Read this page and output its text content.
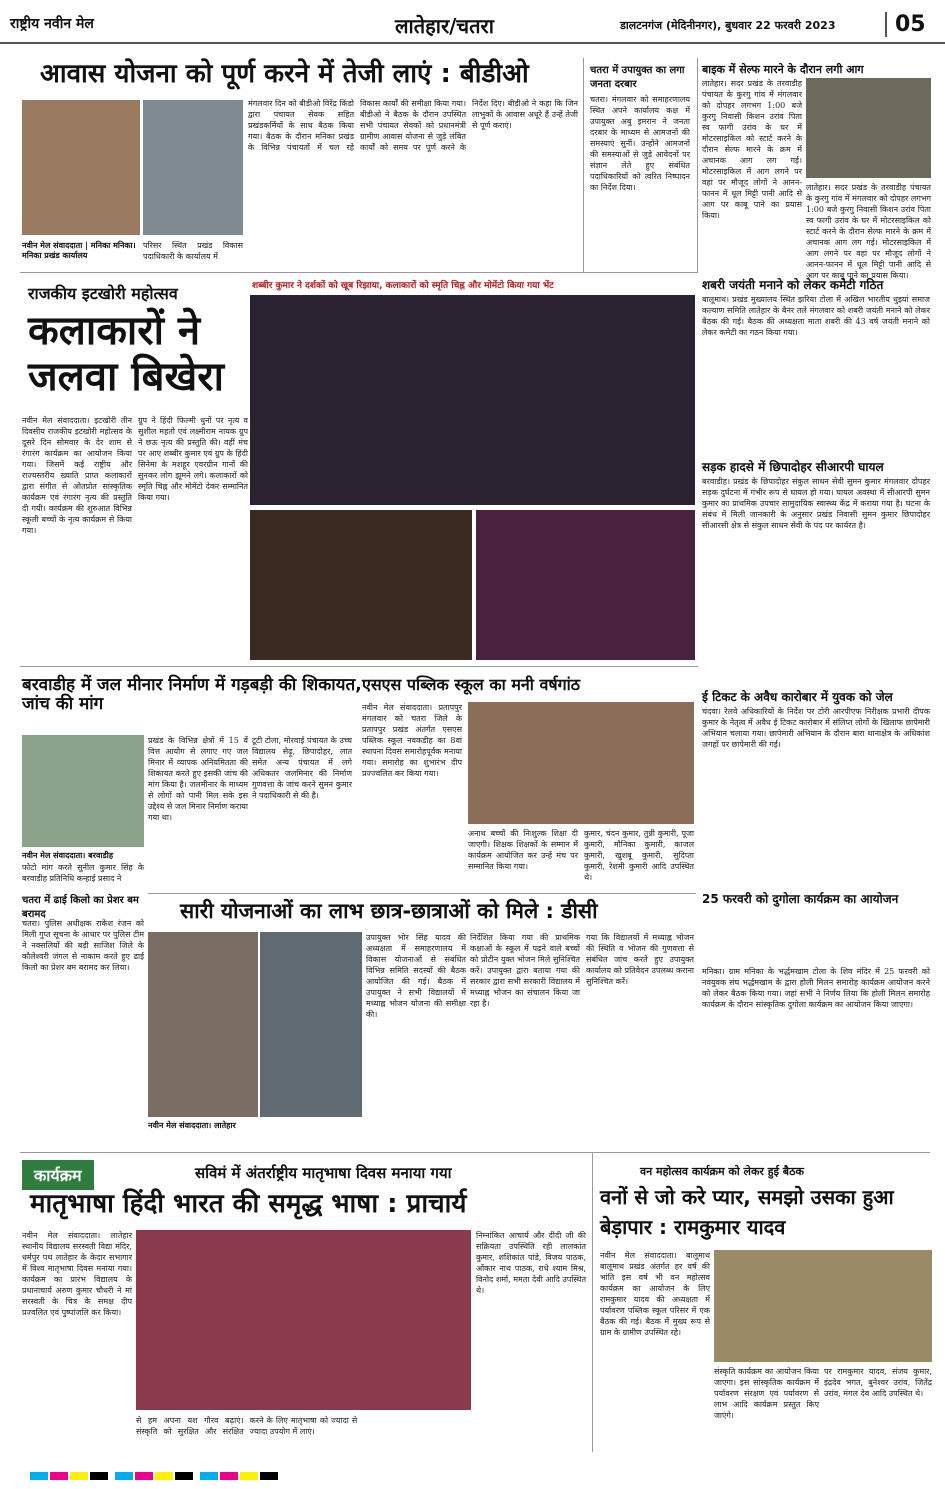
राष्ट्रीय नवीन मेल	लातेहार/चतरा	डालटनगंज (मेदिनीनगर), बुधवार 22 फरवरी 2023	05
आवास योजना को पूर्ण करने में तेजी लाएं : बीडीओ
नवीन मेल संवाददाता | मनिका मनिका। मनिका प्रखंड कार्यालय
परिसर स्थित प्रखंड विकास पदाधिकारी के कार्यालय में
मंगलवार दिन को बीडीओ विरेंद्र किंडो द्वारा पंचायत सेवक सहित प्रखंडकर्मियों के साथ बैठक किया गया। बैठक के दौरान मनिका प्रखंड के विभिन्न पंचायतों में चल रहे विकास कार्यों की समीक्षा किया गया। बीडीओ ने बैठक के दौरान उपस्थित सभी पंचायत सेवकों को प्रधानमंत्री ग्रामीण आवास योजना से जुड़े लंबित कार्यों को समय पर पूर्ण करने के निर्देश दिए। बीडीओ ने कहा कि जिन लाभुकों के आवास अधूरे हैं उन्हें तेजी से पूर्ण कराएं।
चतरा में उपायुक्त का लगा जनता दरबार
चतरा। मंगलवार को समाहरणालय स्थित अपने कार्यालय कक्ष में उपायुक्त अबु इमरान ने जनता दरबार के माध्यम से आमजनों की समस्याएं सुनीं। उन्होंने आमजनों की समस्याओं से जुड़े आवेदनों पर संज्ञान लेते हुए संबंधित पदाधिकारियों को त्वरित निष्पादन का निर्देश दिया।
बाइक में सेल्फ मारने के दौरान लगी आग
लातेहार। सदर प्रखंड के तरवाडीह पंचायत के कुरगु गांव में मंगलवार को दोपहर लगभग 1:00 बजे कुरगु निवासी किशन उरांव पिता स्व फागी उरांव के घर में मोटरसाइकिल को स्टार्ट करने के दौरान सेल्फ मारने के क्रम में अचानक आग लग गई। मोटरसाइकिल में आग लगने पर वहां पर मौजूद लोगों ने आनन-फानन में धूल मिट्टी पानी आदि से आग पर काबू पाने का प्रयास किया।
लातेहार। सदर प्रखंड के तरवाडीह पंचायत के कुरगु गांव में मंगलवार को दोपहर लगभग 1:00 बजे कुरगु निवासी किशन उरांव पिता स्व फागी उरांव के घर में मोटरसाइकिल को स्टार्ट करने के दौरान सेल्फ मारने के क्रम में अचानक आग लग गई। मोटरसाइकिल में आग लगने पर वहां पर मौजूद लोगों ने आनन-फानन में धूल मिट्टी पानी आदि से आग पर काबू पाने का प्रयास किया।
शबरी जयंती मनाने को लेकर कमेटी गठित
बालूमाथ। प्रखंड मुख्यालय स्थित झरिया टोला में अखिल भारतीय धुइयां समाज कल्याण समिति लातेहार के बैनर तले मंगलवार को शबरी जयंती मनाने को लेकर बैठक की गई। बैठक की अध्यक्षता माता शबरी की 43 वर्ष जयंती मनाने को लेकर कमेटी का गठन किया गया।
राजकीय इटखोरी महोत्सव
कलाकारों ने जलवा बिखेरा
शब्बीर कुमार ने दर्शकों को खूब रिझाया, कलाकारों को स्मृति चिह्न और मोमेंटो किया गया भेंट
नवीन मेल संवाददाता। इटखोरी तीन दिवसीय राजकीय इटखोरी महोत्सव के दूसरे दिन सोमवार के देर शाम से रंगारंग कार्यक्रम का आयोजन किया गया। जिसमें कई राष्ट्रीय और राज्यस्तरीय ख्याति प्राप्त कलाकारों द्वारा संगीत से ओतप्रोत सांस्कृतिक कार्यक्रम एवं रंगारंग नृत्य की प्रस्तुति दी गयी। कार्यक्रम की शुरुआत विभिन्न स्कूली बच्चों के नृत्य कार्यक्रम से किया गया।
ग्रुप ने हिंदी फिल्मी धुनों पर नृत्य व सुशील महतो एवं लक्ष्मीराम नायक ग्रुप ने छऊ नृत्य की प्रस्तुति की। वहीं मंच पर आए शब्बीर कुमार एवं ग्रुप के हिंदी सिनेमा के मशहूर एवरग्रीन गानों की सुनकर लोग झूमने लगे। कलाकारों को स्मृति चिह्न और मोमेंटो देकर सम्मानित किया गया।
सड़क हादसे में छिपादोहर सीआरपी घायल
बरवाडीह। प्रखंड के छिपादोहर संकुल साधन सेवी सुमन कुमार मंगलवार दोपहर सड़क दुर्घटना में गंभीर रूप से घायल हो गया। घायल अवस्था में सीआरपी सुमन कुमार का प्राथमिक उपचार सामुदायिक स्वास्थ्य केंद्र में कराया गया है। घटना के संबंध में मिली जानकारी के अनुसार प्रखंड निवासी सुमन कुमार छिपादोहर सीआरसी क्षेत्र से संकुल साधन सेवी के पद पर कार्यरत है।
ई टिकट के अवैध कारोबार में युवक को जेल
चंदवा। रेलवे अधिकारियों के निर्देश पर टोरी आरपीएफ निरीक्षक प्रभारी दीपक कुमार के नेतृत्व में अवैध ई टिकट कारोबार में संलिप्त लोगों के खिलाफ छापेमारी अभियान चलाया गया। छापेमारी अभियान के दौरान बारा थानाक्षेत्र के अधिकांश जगहों पर छापेमारी की गई।
बरवाडीह में जल मीनार निर्माण में गड़बड़ी की शिकायत, जांच की मांग
नवीन मेल संवाददाता। बरवाडीह
फोटो मांग करते सुनील कुमार सिंह के बरवाडीह प्रतिनिधि कन्हाई प्रसाद ने
प्रखंड के विभिन्न क्षेत्रों में 15 वें वित्त आयोग से लगाए गए जल मिनार में व्यापक अनियमितता की शिकायत करते हुए इसकी जांच की मांग किया है। जलमीनार के माध्यम से लोगों को पानी मिल सके इस उद्देश्य से जल मिनार निर्माण कराया गया था।
टूटी टोला, मोरवाई पंचायत के उच्च विद्यालय सेढ़ू, छिपादोहर, लात समेत अन्य पंचायत में लगे अधिकतर जलमिनार की निर्माण गुणवत्ता के जांच करने सुमन कुमार ने पदाधिकारी से की है।
चतरा में ढाई किलो का प्रेशर बम बरामद
चतरा। पुलिस अधीक्षक राकेश रंजन को मिली गुप्त सूचना के आधार पर पुलिस टीम ने नक्सलियों की बड़ी साजिश जिले के कौलेश्वरी जंगल से नाकाम करते हुए ढाई किलो का प्रेशर बम बरामद कर लिया।
एसएस पब्लिक स्कूल का मनी वर्षगांठ
नवीन मेल संवाददाता। प्रतापपुर मंगलवार को चतरा जिले के प्रतापपुर प्रखंड अंतर्गत एसएस पब्लिक स्कूल नवकडीह का 8वां स्थापना दिवस समारोहपूर्वक मनाया गया। समारोह का शुभारंभ दीप प्रज्ज्वलित कर किया गया।
अनाथ बच्चों की निःशुल्क शिक्षा दी जाएगी। शिक्षक शिक्षकों के सम्मान में कार्यक्रम आयोजित कर उन्हें मंच पर सम्मानित किया गया।
कुमार, चंदन कुमार, तुन्नी कुमारी, पूजा कुमारी, मौनिका कुमारी, काजल कुमारी, खुशबू कुमारी, सुदिप्ता कुमारी, रेशमी कुमारी आदि उपस्थित थे।
25 फरवरी को दुगोला कार्यक्रम का आयोजन
मनिका। ग्राम मनिका के भर्द्धमखाम टोला के शिव मंदिर में 25 फरवरी को नवयुवक संघ भर्द्धमखाम के द्वारा होली मिलन समारोह कार्यक्रम आयोजन करने को लेकर बैठक किया गया। जहां सभी ने निर्णय लिया कि होली मिलन समारोह कार्यक्रम के दौरान सांस्कृतिक दुगोला कार्यक्रम का आयोजन किया जाएगा।
सारी योजनाओं का लाभ छात्र-छात्राओं को मिले : डीसी
नवीन मेल संवाददाता। लातेहार
उपायुक्त भोर सिंह यादव की अध्यक्षता में समाहरणालय में विकास योजनाओं से संबंधित विभिन्न समिति सदस्यों की बैठक आयोजित की गई। बैठक में उपायुक्त ने सभी विद्यालयों में मध्याह्न भोजन योजना की समीक्षा की।
निर्देशित किया गया की प्राथमिक कक्षाओं के स्कूल में पढ़ने वाले बच्चों को प्रोटीन युक्त भोजन मिले सुनिश्चित करें। उपायुक्त द्वारा बताया गया की सरकार द्वारा सभी सरकारी विद्यालय में मध्याह्न भोजन का संचालन किया जा रहा है।
गया कि विद्यालयों में मध्याह्न भोजन की स्थिति व भोजन की गुणवत्ता से संबंधित जांच करते हुए उपायुक्त कार्यालय को प्रतिवेदन उपलब्ध कराना सुनिश्चित करें।
कार्यक्रम	सविमं में अंतर्राष्ट्रीय मातृभाषा दिवस मनाया गया
मातृभाषा हिंदी भारत की समृद्ध भाषा : प्राचार्य
नवीन मेल संवाददाता। लातेहार स्थानीय विद्यालय सरस्वती विद्या मंदिर, धर्मपुर पथ लातेहार के केदार सभागार में विश्व मातृभाषा दिवस मनाया गया। कार्यक्रम का प्रारंभ विद्यालय के प्रधानाचार्य अरुण कुमार चौधरी ने मां सरस्वती के चित्र के समक्ष दीप प्रज्वलित एवं पुष्पांजलि कर किया।
से हम अपना यश गौरव बढ़ाएं। संस्कृति को सुरक्षित और संरक्षित करने के लिए मातृभाषा को ज्यादा से ज्यादा उपयोग में लाएं।
निम्नांकित आचार्य और दीदी जी की सक्रियता उपस्थिति रही लालकांत कुमार, शशिकांत पांडे, विजय पाठक, ओंकार नाथ पाठक, राधे श्याम मिश्र, विनोद शर्मा, ममता देवी आदि उपस्थित थे।
वन महोत्सव कार्यक्रम को लेकर हुई बैठक
वनों से जो करे प्यार, समझो उसका हुआ बेड़ापार : रामकुमार यादव
नवीन मेल संवाददाता। बालूमाथ बालूमाथ प्रखंड अंतर्गत हर वर्ष की भांति इस वर्ष भी वन महोत्सव कार्यक्रम का आयोजन के लिए रामकुमार यादव की अध्यक्षता में पर्यावरण पब्लिक स्कूल परिसर में एक बैठक की गई। बैठक में मुख्य रूप से ग्राम के ग्रामीण उपस्थित रहे।
संस्कृति कार्यक्रम का आयोजन किया जाएगा। इस सांस्कृतिक कार्यक्रम में पर्यावरण संरक्षण एवं पर्यावरण से लाभ आदि कार्यक्रम प्रस्तुत किए जाएंगे।
पर रामकुमार यादव, संजय कुमार, इंद्रदेव भगत, बुनेश्वर उरांव, जितेंद्र उरांव, मंगल देव आदि उपस्थित थे।
